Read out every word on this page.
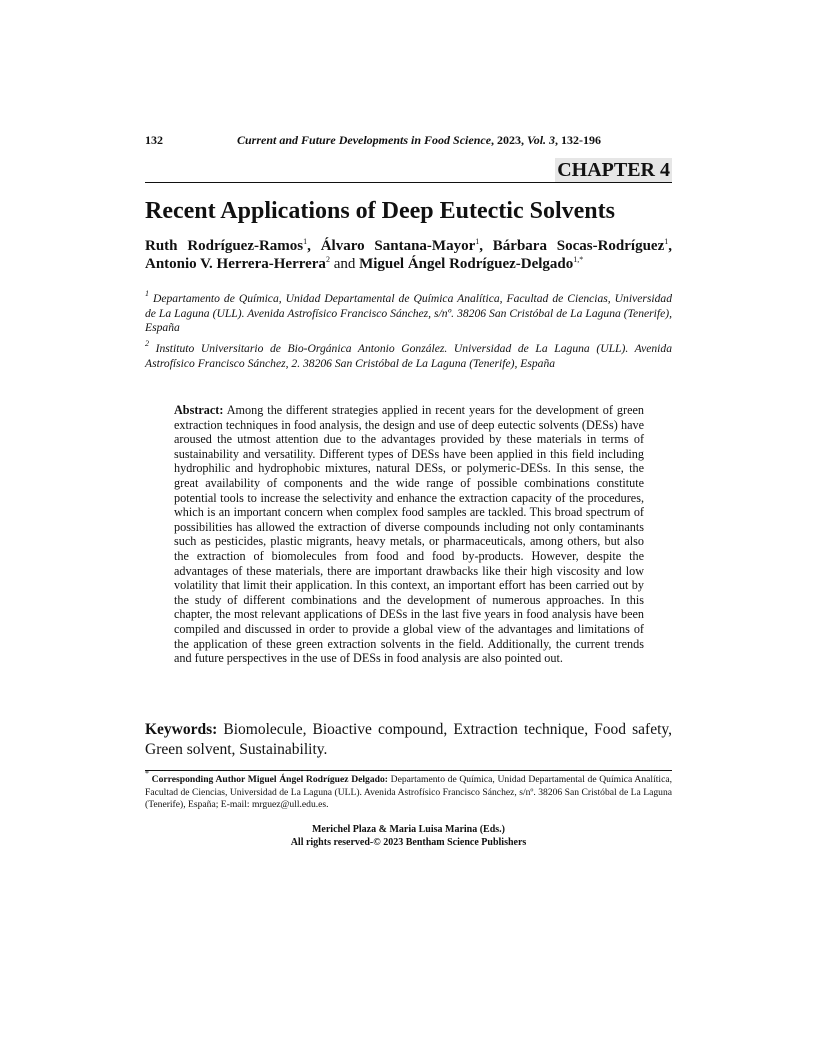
132	Current and Future Developments in Food Science, 2023, Vol. 3, 132-196
CHAPTER 4
Recent Applications of Deep Eutectic Solvents
Ruth Rodríguez-Ramos$^1$, Álvaro Santana-Mayor$^1$, Bárbara Socas-Rodríguez$^1$, Antonio V. Herrera-Herrera$^2$ and Miguel Ángel Rodríguez-Delgado$^{1,*}$
$^1$ Departamento de Química, Unidad Departamental de Química Analítica, Facultad de Ciencias, Universidad de La Laguna (ULL). Avenida Astrofísico Francisco Sánchez, s/nº. 38206 San Cristóbal de La Laguna (Tenerife), España
$^2$ Instituto Universitario de Bio-Orgánica Antonio González. Universidad de La Laguna (ULL). Avenida Astrofísico Francisco Sánchez, 2. 38206 San Cristóbal de La Laguna (Tenerife), España
Abstract: Among the different strategies applied in recent years for the development of green extraction techniques in food analysis, the design and use of deep eutectic solvents (DESs) have aroused the utmost attention due to the advantages provided by these materials in terms of sustainability and versatility. Different types of DESs have been applied in this field including hydrophilic and hydrophobic mixtures, natural DESs, or polymeric-DESs. In this sense, the great availability of components and the wide range of possible combinations constitute potential tools to increase the selectivity and enhance the extraction capacity of the procedures, which is an important concern when complex food samples are tackled. This broad spectrum of possibilities has allowed the extraction of diverse compounds including not only contaminants such as pesticides, plastic migrants, heavy metals, or pharmaceuticals, among others, but also the extraction of biomolecules from food and food by-products. However, despite the advantages of these materials, there are important drawbacks like their high viscosity and low volatility that limit their application. In this context, an important effort has been carried out by the study of different combinations and the development of numerous approaches. In this chapter, the most relevant applications of DESs in the last five years in food analysis have been compiled and discussed in order to provide a global view of the advantages and limitations of the application of these green extraction solvents in the field. Additionally, the current trends and future perspectives in the use of DESs in food analysis are also pointed out.
Keywords: Biomolecule, Bioactive compound, Extraction technique, Food safety, Green solvent, Sustainability.
* Corresponding Author Miguel Ángel Rodríguez Delgado: Departamento de Química, Unidad Departamental de Química Analítica, Facultad de Ciencias, Universidad de La Laguna (ULL). Avenida Astrofísico Francisco Sánchez, s/nº. 38206 San Cristóbal de La Laguna (Tenerife), España; E-mail: mrguez@ull.edu.es.
Merichel Plaza & Maria Luisa Marina (Eds.)
All rights reserved-© 2023 Bentham Science Publishers
